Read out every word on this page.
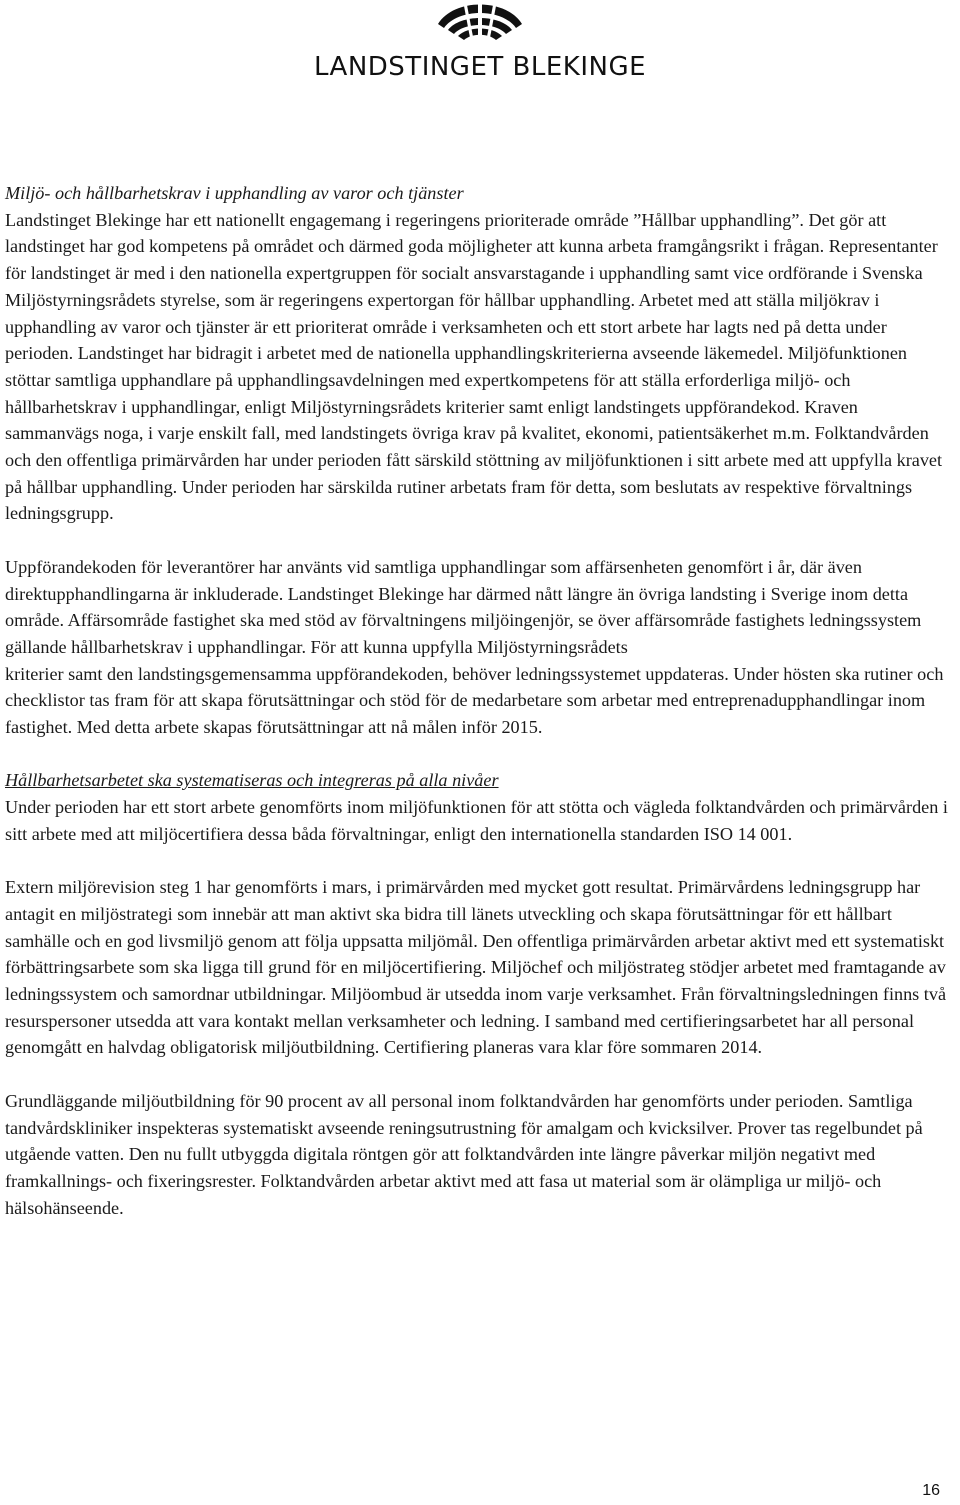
LANDSTINGET BLEKINGE

Miljö- och hållbarhetskrav i upphandling av varor och tjänster

Landstinget Blekinge har ett nationellt engagemang i regeringens prioriterade område ”Hållbar upphandling”. Det gör att landstinget har god kompetens på området och därmed goda möjligheter att kunna arbeta framgångsrikt i frågan. Representanter för landstinget är med i den nationella expertgruppen för socialt ansvarstagande i upphandling samt vice ordförande i Svenska Miljöstyrningsrådets styrelse, som är regeringens expertorgan för hållbar upphandling. Arbetet med att ställa miljökrav i upphandling av varor och tjänster är ett prioriterat område i verksamheten och ett stort arbete har lagts ned på detta under perioden. Landstinget har bidragit i arbetet med de nationella upphandlingskriterierna avseende läkemedel. Miljöfunktionen stöttar samtliga upphandlare på upphandlingsavdelningen med expertkompetens för att ställa erforderliga miljö- och hållbarhetskrav i upphandlingar, enligt Miljöstyrningsrådets kriterier samt enligt landstingets uppförandekod. Kraven sammanvägs noga, i varje enskilt fall, med landstingets övriga krav på kvalitet, ekonomi, patientsäkerhet m.m. Folktandvården och den offentliga primärvården har under perioden fått särskild stöttning av miljöfunktionen i sitt arbete med att uppfylla kravet på hållbar upphandling. Under perioden har särskilda rutiner arbetats fram för detta, som beslutats av respektive förvaltnings ledningsgrupp.

Uppförandekoden för leverantörer har använts vid samtliga upphandlingar som affärsenheten genomfört i år, där även direktupphandlingarna är inkluderade. Landstinget Blekinge har därmed nått längre än övriga landsting i Sverige inom detta område. Affärsområde fastighet ska med stöd av förvaltningens miljöingenjör, se över affärsområde fastighets ledningssystem gällande hållbarhetskrav i upphandlingar. För att kunna uppfylla Miljöstyrningsrådets

kriterier samt den landstingsgemensamma uppförandekoden, behöver ledningssystemet uppdateras. Under hösten ska rutiner och checklistor tas fram för att skapa förutsättningar och stöd för de medarbetare som arbetar med entreprenadupphandlingar inom fastighet. Med detta arbete skapas förutsättningar att nå målen inför 2015.

Hållbarhetsarbetet ska systematiseras och integreras på alla nivåer

Under perioden har ett stort arbete genomförts inom miljöfunktionen för att stötta och vägleda folktandvården och primärvården i sitt arbete med att miljöcertifiera dessa båda förvaltningar, enligt den internationella standarden ISO 14 001.

Extern miljörevision steg 1 har genomförts i mars, i primärvården med mycket gott resultat. Primärvårdens ledningsgrupp har antagit en miljöstrategi som innebär att man aktivt ska bidra till länets utveckling och skapa förutsättningar för ett hållbart samhälle och en god livsmiljö genom att följa uppsatta miljömål. Den offentliga primärvården arbetar aktivt med ett systematiskt förbättringsarbete som ska ligga till grund för en miljöcertifiering. Miljöchef och miljöstrateg stödjer arbetet med framtagande av ledningssystem och samordnar utbildningar. Miljöombud är utsedda inom varje verksamhet. Från förvaltningsledningen finns två resurspersoner utsedda att vara kontakt mellan verksamheter och ledning. I samband med certifieringsarbetet har all personal genomgått en halvdag obligatorisk miljöutbildning. Certifiering planeras vara klar före sommaren 2014.

Grundläggande miljöutbildning för 90 procent av all personal inom folktandvården har genomförts under perioden. Samtliga tandvårdskliniker inspekteras systematiskt avseende reningsutrustning för amalgam och kvicksilver. Prover tas regelbundet på utgående vatten. Den nu fullt utbyggda digitala röntgen gör att folktandvården inte längre påverkar miljön negativt med framkallnings- och fixeringsrester. Folktandvården arbetar aktivt med att fasa ut material som är olämpliga ur miljö- och hälsohänseende.

16
